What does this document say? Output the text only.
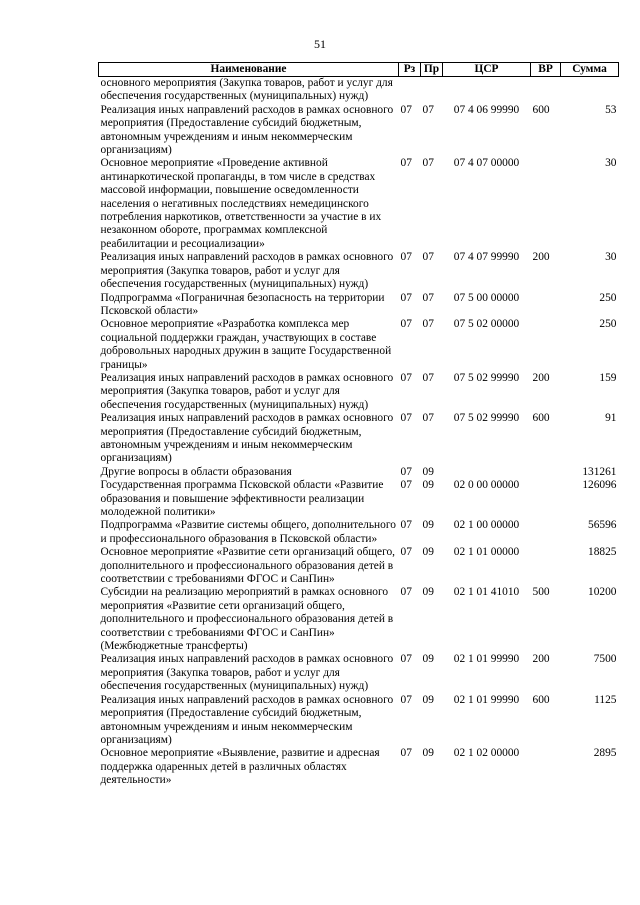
51
Наименование	Рз	Пр	ЦСР	ВР	Сумма
основного мероприятия (Закупка товаров, работ и услуг для обеспечения государственных (муниципальных) нужд)					
Реализация иных направлений расходов в рамках основного мероприятия (Предоставление субсидий бюджетным, автономным учреждениям и иным некоммерческим организациям)	07	07	07 4 06 99990	600	53
Основное мероприятие «Проведение активной антинаркотической пропаганды, в том числе в средствах массовой информации, повышение осведомленности населения о негативных последствиях немедицинского потребления наркотиков, ответственности за участие в их незаконном обороте, программах комплексной реабилитации и ресоциализации»	07	07	07 4 07 00000		30
Реализация иных направлений расходов в рамках основного мероприятия (Закупка товаров, работ и услуг для обеспечения государственных (муниципальных) нужд)	07	07	07 4 07 99990	200	30
Подпрограмма «Пограничная безопасность на территории Псковской области»	07	07	07 5 00 00000		250
Основное мероприятие «Разработка комплекса мер социальной поддержки граждан, участвующих в составе добровольных народных дружин в защите Государственной границы»	07	07	07 5 02 00000		250
Реализация иных направлений расходов в рамках основного мероприятия (Закупка товаров, работ и услуг для обеспечения государственных (муниципальных) нужд)	07	07	07 5 02 99990	200	159
Реализация иных направлений расходов в рамках основного мероприятия (Предоставление субсидий бюджетным, автономным учреждениям и иным некоммерческим организациям)	07	07	07 5 02 99990	600	91
Другие вопросы в области образования	07	09			131261
Государственная программа Псковской области «Развитие образования и повышение эффективности реализации молодежной политики»	07	09	02 0 00 00000		126096
Подпрограмма «Развитие системы общего, дополнительного и профессионального образования в Псковской области»	07	09	02 1 00 00000		56596
Основное мероприятие «Развитие сети организаций общего, дополнительного и профессионального образования детей в соответствии с требованиями ФГОС и СанПин»	07	09	02 1 01 00000		18825
Субсидии на реализацию мероприятий в рамках основного мероприятия «Развитие сети организаций общего, дополнительного и профессионального образования детей в соответствии с требованиями ФГОС и СанПин» (Межбюджетные трансферты)	07	09	02 1 01 41010	500	10200
Реализация иных направлений расходов в рамках основного мероприятия (Закупка товаров, работ и услуг для обеспечения государственных (муниципальных) нужд)	07	09	02 1 01 99990	200	7500
Реализация иных направлений расходов в рамках основного мероприятия (Предоставление субсидий бюджетным, автономным учреждениям и иным некоммерческим организациям)	07	09	02 1 01 99990	600	1125
Основное мероприятие «Выявление, развитие и адресная поддержка одаренных детей в различных областях деятельности»	07	09	02 1 02 00000		2895
